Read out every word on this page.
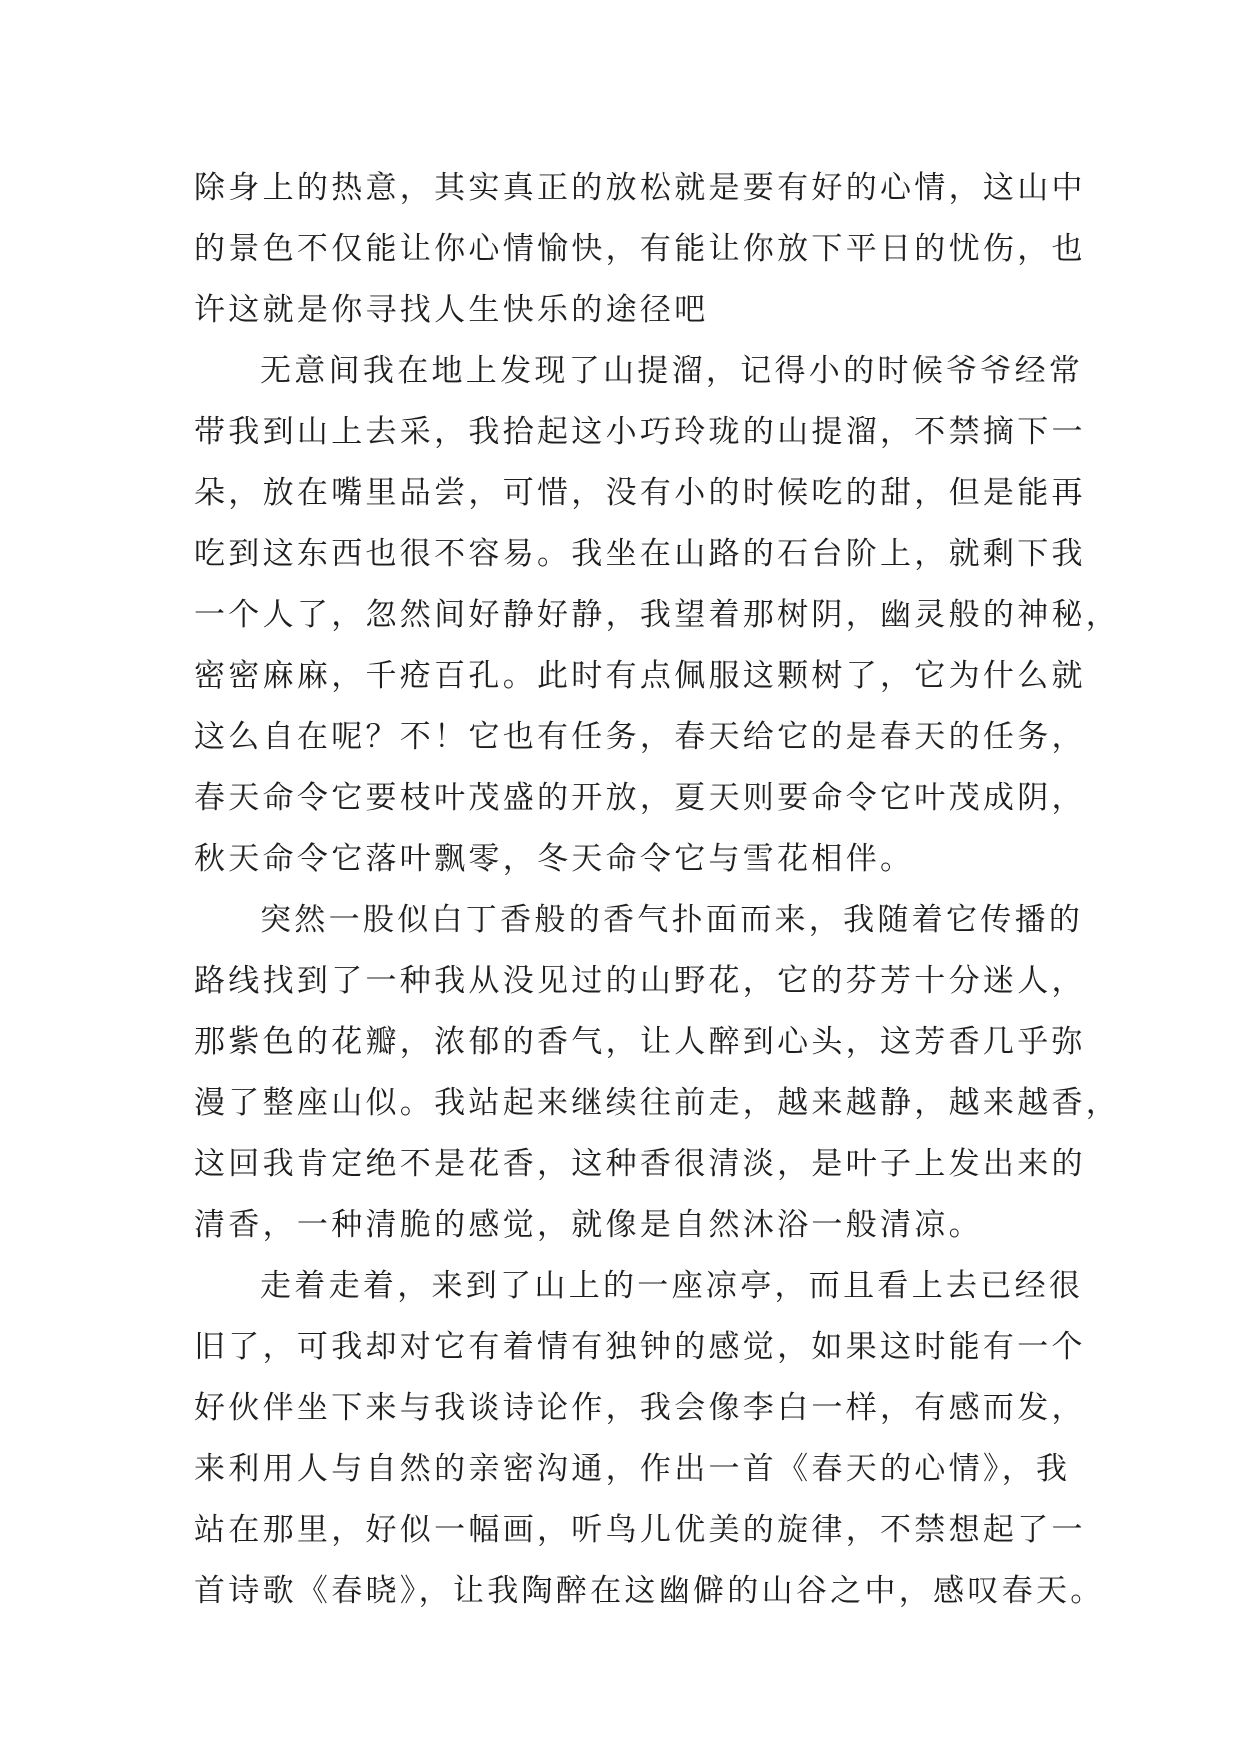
除身上的热意，其实真正的放松就是要有好的心情，这山中
的景色不仅能让你心情愉快，有能让你放下平日的忧伤，也
许这就是你寻找人生快乐的途径吧
无意间我在地上发现了山提溜，记得小的时候爷爷经常
带我到山上去采，我拾起这小巧玲珑的山提溜，不禁摘下一
朵，放在嘴里品尝，可惜，没有小的时候吃的甜，但是能再
吃到这东西也很不容易。我坐在山路的石台阶上，就剩下我
一个人了，忽然间好静好静，我望着那树阴，幽灵般的神秘，
密密麻麻，千疮百孔。此时有点佩服这颗树了，它为什么就
这么自在呢？不！它也有任务，春天给它的是春天的任务，
春天命令它要枝叶茂盛的开放，夏天则要命令它叶茂成阴，
秋天命令它落叶飘零，冬天命令它与雪花相伴。
突然一股似白丁香般的香气扑面而来，我随着它传播的
路线找到了一种我从没见过的山野花，它的芬芳十分迷人，
那紫色的花瓣，浓郁的香气，让人醉到心头，这芳香几乎弥
漫了整座山似。我站起来继续往前走，越来越静，越来越香，
这回我肯定绝不是花香，这种香很清淡，是叶子上发出来的
清香，一种清脆的感觉，就像是自然沐浴一般清凉。
走着走着，来到了山上的一座凉亭，而且看上去已经很
旧了，可我却对它有着情有独钟的感觉，如果这时能有一个
好伙伴坐下来与我谈诗论作，我会像李白一样，有感而发，
来利用人与自然的亲密沟通，作出一首《春天的心情》，我
站在那里，好似一幅画，听鸟儿优美的旋律，不禁想起了一
首诗歌《春晓》，让我陶醉在这幽僻的山谷之中，感叹春天。
